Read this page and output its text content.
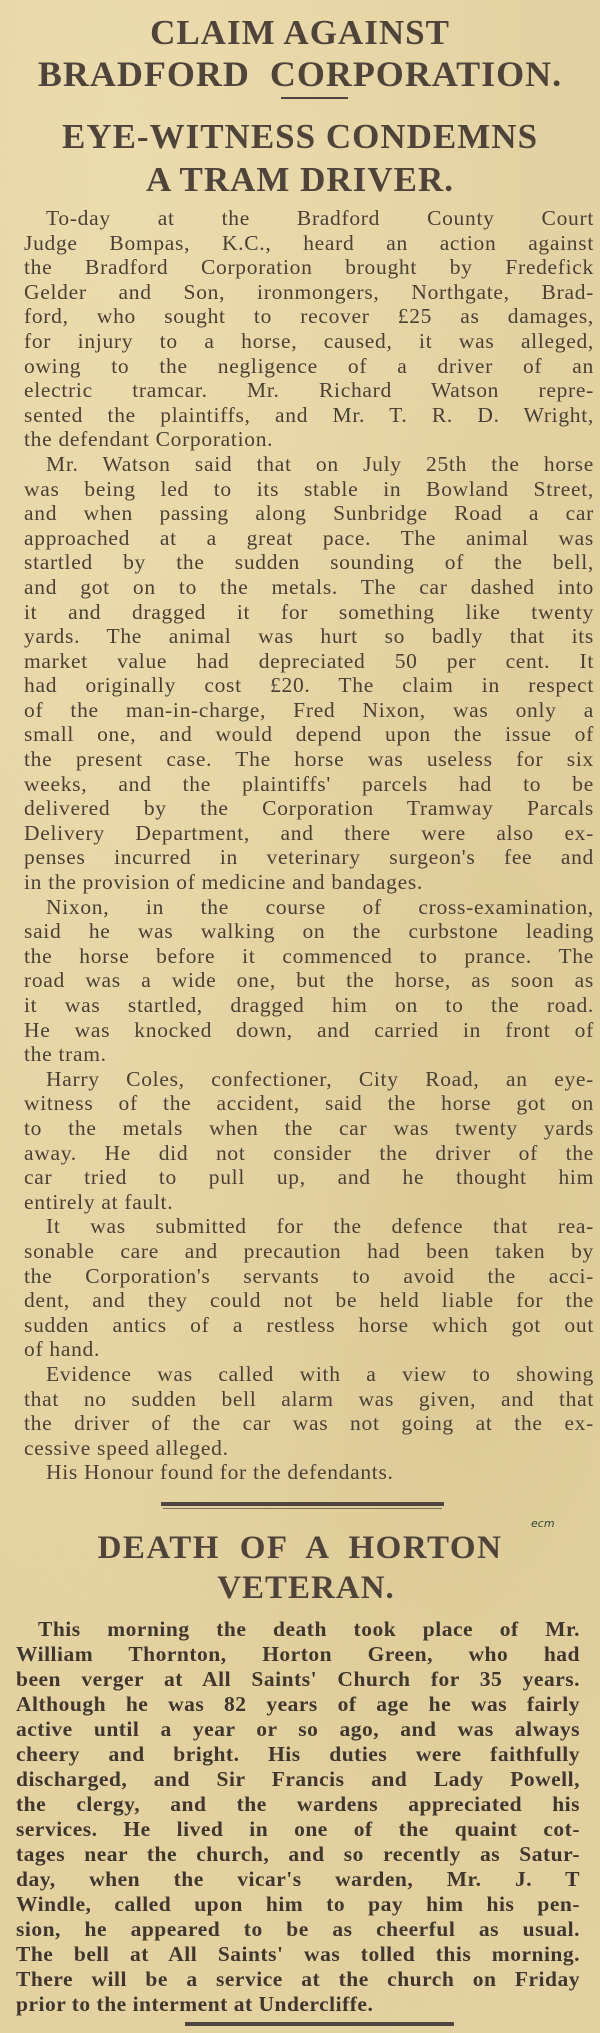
CLAIM AGAINST
BRADFORD  CORPORATION.
EYE-WITNESS CONDEMNS
A TRAM DRIVER.
To-day at the Bradford County Court
Judge Bompas, K.C., heard an action against
the Bradford Corporation brought by Fredefick
Gelder and Son, ironmongers, Northgate, Brad-
ford, who sought to recover £25 as damages,
for injury to a horse, caused, it was alleged,
owing to the negligence of a driver of an
electric tramcar. Mr. Richard Watson repre-
sented the plaintiffs, and Mr. T. R. D. Wright,
the defendant Corporation.
Mr. Watson said that on July 25th the horse
was being led to its stable in Bowland Street,
and when passing along Sunbridge Road a car
approached at a great pace. The animal was
startled by the sudden sounding of the bell,
and got on to the metals. The car dashed into
it and dragged it for something like twenty
yards. The animal was hurt so badly that its
market value had depreciated 50 per cent. It
had originally cost £20. The claim in respect
of the man-in-charge, Fred Nixon, was only a
small one, and would depend upon the issue of
the present case. The horse was useless for six
weeks, and the plaintiffs' parcels had to be
delivered by the Corporation Tramway Parcals
Delivery Department, and there were also ex-
penses incurred in veterinary surgeon's fee and
in the provision of medicine and bandages.
Nixon, in the course of cross-examination,
said he was walking on the curbstone leading
the horse before it commenced to prance. The
road was a wide one, but the horse, as soon as
it was startled, dragged him on to the road.
He was knocked down, and carried in front of
the tram.
Harry Coles, confectioner, City Road, an eye-
witness of the accident, said the horse got on
to the metals when the car was twenty yards
away. He did not consider the driver of the
car tried to pull up, and he thought him
entirely at fault.
It was submitted for the defence that rea-
sonable care and precaution had been taken by
the Corporation's servants to avoid the acci-
dent, and they could not be held liable for the
sudden antics of a restless horse which got out
of hand.
Evidence was called with a view to showing
that no sudden bell alarm was given, and that
the driver of the car was not going at the ex-
cessive speed alleged.
His Honour found for the defendants.
DEATH OF A HORTON
VETERAN.
ecm
This morning the death took place of Mr.
William Thornton, Horton Green, who had
been verger at All Saints' Church for 35 years.
Although he was 82 years of age he was fairly
active until a year or so ago, and was always
cheery and bright. His duties were faithfully
discharged, and Sir Francis and Lady Powell,
the clergy, and the wardens appreciated his
services. He lived in one of the quaint cot-
tages near the church, and so recently as Satur-
day, when the vicar's warden, Mr. J. T
Windle, called upon him to pay him his pen-
sion, he appeared to be as cheerful as usual.
The bell at All Saints' was tolled this morning.
There will be a service at the church on Friday
prior to the interment at Undercliffe.
